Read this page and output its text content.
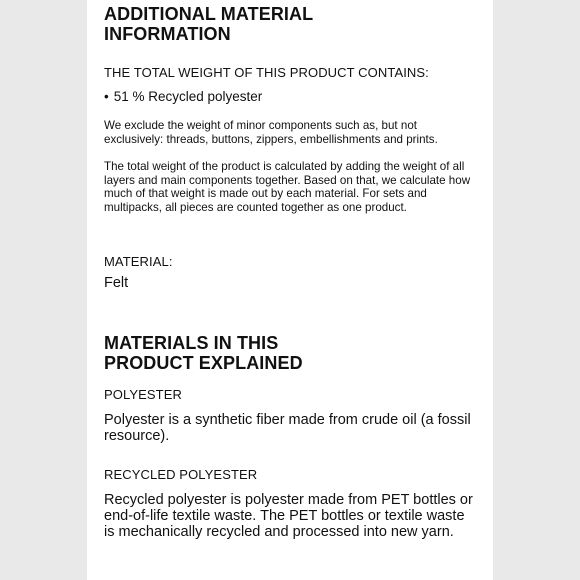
ADDITIONAL MATERIAL
INFORMATION

THE TOTAL WEIGHT OF THIS PRODUCT CONTAINS:

• 51 % Recycled polyester

We exclude the weight of minor components such as, but not exclusively: threads, buttons, zippers, embellishments and prints.

The total weight of the product is calculated by adding the weight of all layers and main components together. Based on that, we calculate how much of that weight is made out by each material. For sets and multipacks, all pieces are counted together as one product.

MATERIAL:

Felt

MATERIALS IN THIS
PRODUCT EXPLAINED

POLYESTER

Polyester is a synthetic fiber made from crude oil (a fossil resource).

RECYCLED POLYESTER

Recycled polyester is polyester made from PET bottles or end-of-life textile waste. The PET bottles or textile waste is mechanically recycled and processed into new yarn.
